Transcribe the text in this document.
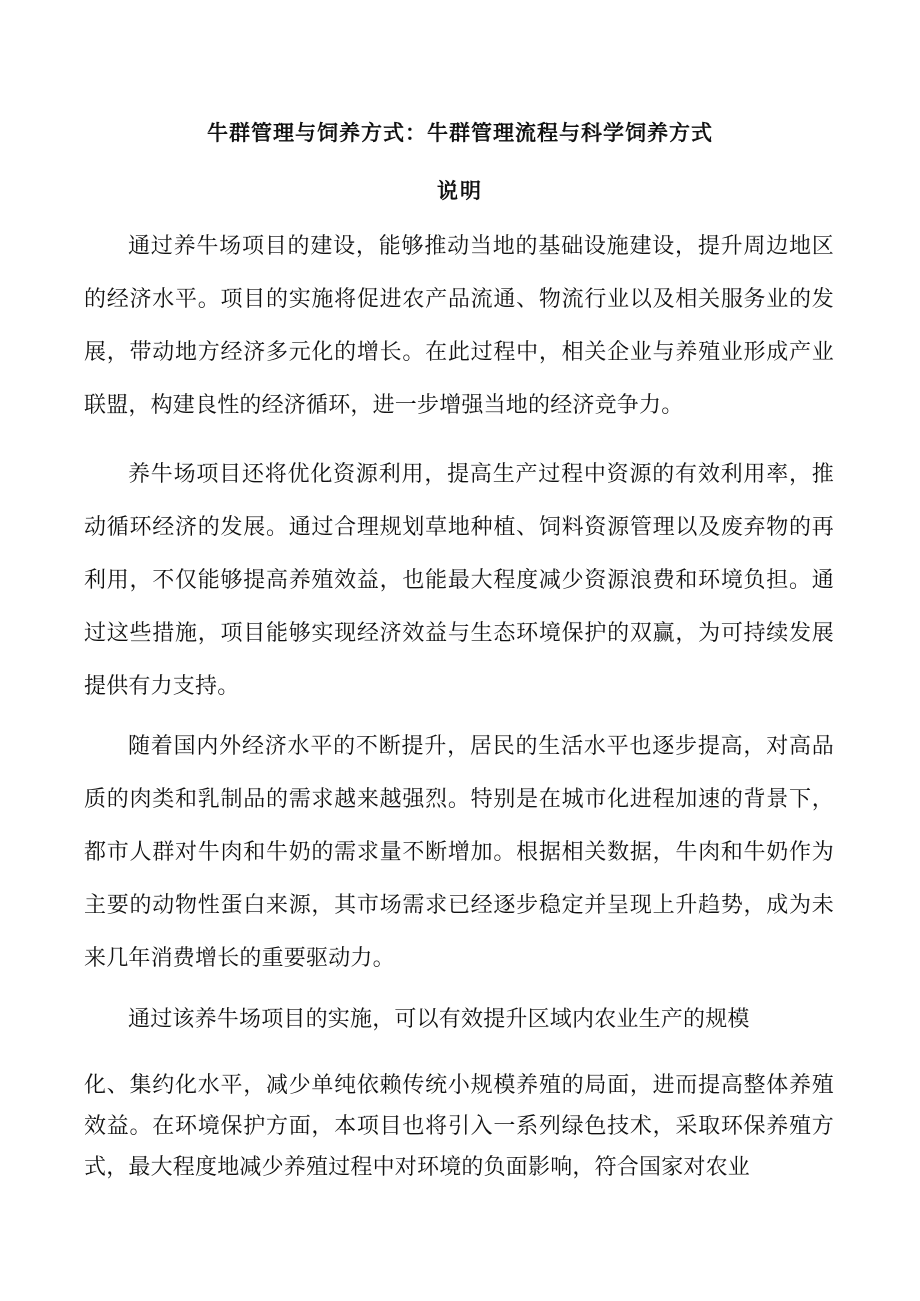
牛群管理与饲养方式：牛群管理流程与科学饲养方式
说明

通过养牛场项目的建设，能够推动当地的基础设施建设，提升周边地区的经济水平。项目的实施将促进农产品流通、物流行业以及相关服务业的发展，带动地方经济多元化的增长。在此过程中，相关企业与养殖业形成产业联盟，构建良性的经济循环，进一步增强当地的经济竞争力。

养牛场项目还将优化资源利用，提高生产过程中资源的有效利用率，推动循环经济的发展。通过合理规划草地种植、饲料资源管理以及废弃物的再利用，不仅能够提高养殖效益，也能最大程度减少资源浪费和环境负担。通过这些措施，项目能够实现经济效益与生态环境保护的双赢，为可持续发展提供有力支持。

随着国内外经济水平的不断提升，居民的生活水平也逐步提高，对高品质的肉类和乳制品的需求越来越强烈。特别是在城市化进程加速的背景下，都市人群对牛肉和牛奶的需求量不断增加。根据相关数据，牛肉和牛奶作为主要的动物性蛋白来源，其市场需求已经逐步稳定并呈现上升趋势，成为未来几年消费增长的重要驱动力。

通过该养牛场项目的实施，可以有效提升区域内农业生产的规模

化、集约化水平，减少单纯依赖传统小规模养殖的局面，进而提高整体养殖效益。在环境保护方面，本项目也将引入一系列绿色技术，采取环保养殖方式，最大程度地减少养殖过程中对环境的负面影响，符合国家对农业
